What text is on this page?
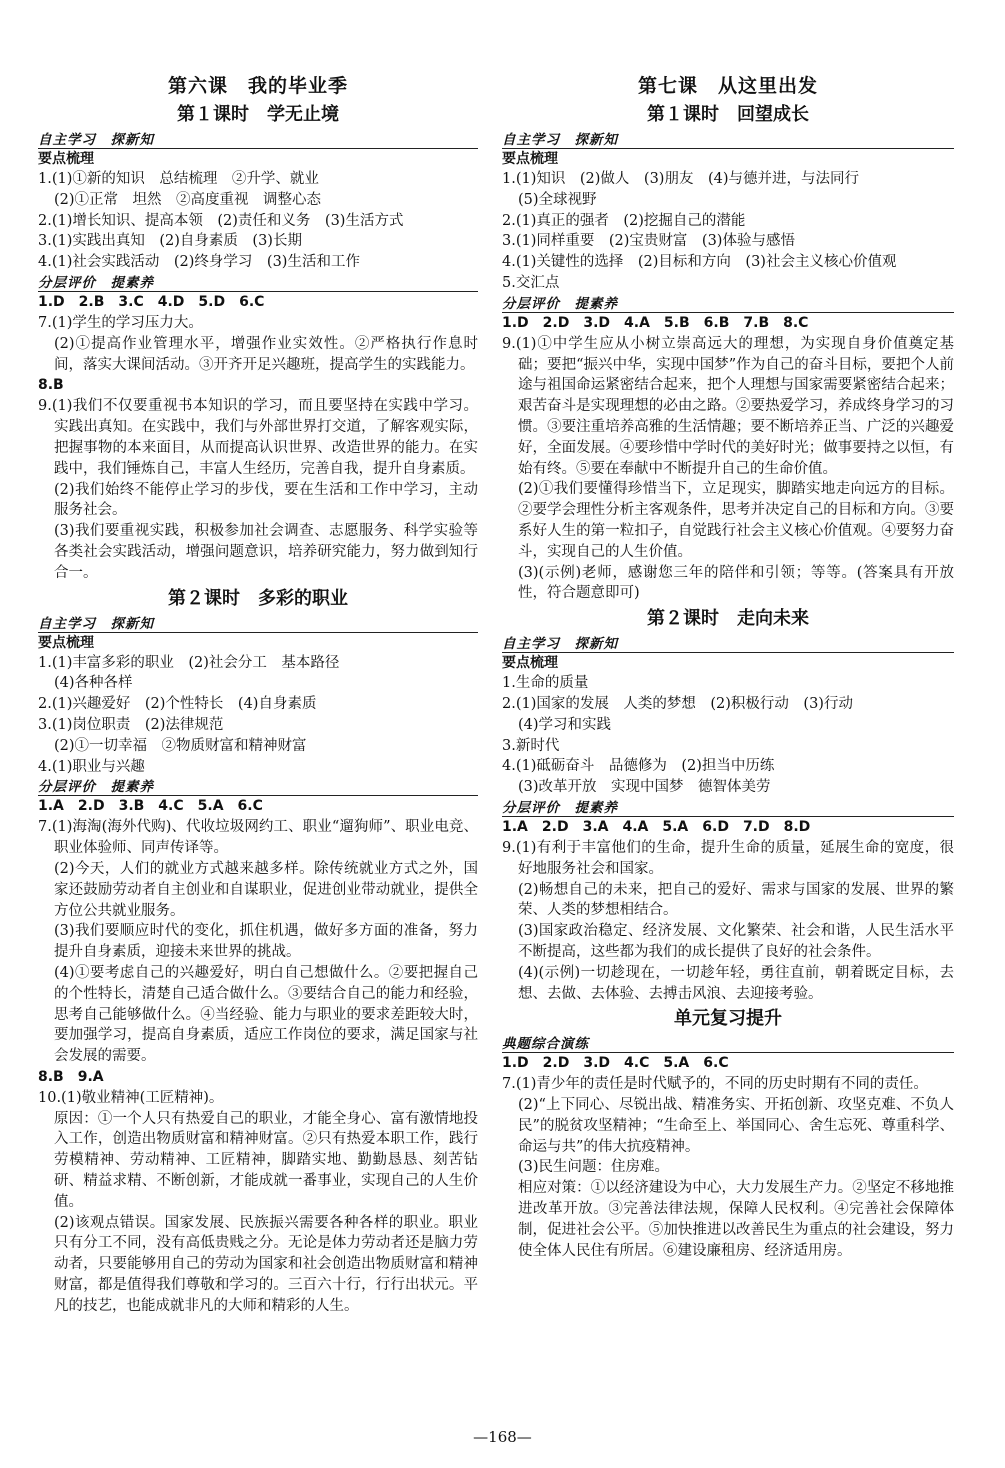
第六课　我的毕业季
第１课时　学无止境
自主学习　探新知
要点梳理

1.(1)①新的知识　总结梳理　②升学、就业

(2)①正常　坦然　②高度重视　调整心态

2.(1)增长知识、提高本领　(2)责任和义务　(3)生活方式

3.(1)实践出真知　(2)自身素质　(3)长期

4.(1)社会实践活动　(2)终身学习　(3)生活和工作

分层评价　提素养
1.D　2.B　3.C　4.D　5.D　6.C

7.(1)学生的学习压力大。

(2)①提高作业管理水平，增强作业实效性。②严格执行作息时间，落实大课间活动。③开齐开足兴趣班，提高学生的实践能力。

8.B

9.(1)我们不仅要重视书本知识的学习，而且要坚持在实践中学习。实践出真知。在实践中，我们与外部世界打交道，了解客观实际，把握事物的本来面目，从而提高认识世界、改造世界的能力。在实践中，我们锤炼自己，丰富人生经历，完善自我，提升自身素质。

(2)我们始终不能停止学习的步伐，要在生活和工作中学习，主动服务社会。

(3)我们要重视实践，积极参加社会调查、志愿服务、科学实验等各类社会实践活动，增强问题意识，培养研究能力，努力做到知行合一。

第２课时　多彩的职业
自主学习　探新知
要点梳理

1.(1)丰富多彩的职业　(2)社会分工　基本路径

(4)各种各样

2.(1)兴趣爱好　(2)个性特长　(4)自身素质

3.(1)岗位职责　(2)法律规范

(2)①一切幸福　②物质财富和精神财富

4.(1)职业与兴趣

分层评价　提素养
1.A　2.D　3.B　4.C　5.A　6.C

7.(1)海淘(海外代购)、代收垃圾网约工、职业“遛狗师”、职业电竞、职业体验师、同声传译等。

(2)今天，人们的就业方式越来越多样。除传统就业方式之外，国家还鼓励劳动者自主创业和自谋职业，促进创业带动就业，提供全方位公共就业服务。

(3)我们要顺应时代的变化，抓住机遇，做好多方面的准备，努力提升自身素质，迎接未来世界的挑战。

(4)①要考虑自己的兴趣爱好，明白自己想做什么。②要把握自己的个性特长，清楚自己适合做什么。③要结合自己的能力和经验，思考自己能够做什么。④当经验、能力与职业的要求差距较大时，要加强学习，提高自身素质，适应工作岗位的要求，满足国家与社会发展的需要。

8.B　9.A

10.(1)敬业精神(工匠精神)。

原因：①一个人只有热爱自己的职业，才能全身心、富有激情地投入工作，创造出物质财富和精神财富。②只有热爱本职工作，践行劳模精神、劳动精神、工匠精神，脚踏实地、勤勤恳恳、刻苦钻研、精益求精、不断创新，才能成就一番事业，实现自己的人生价值。

(2)该观点错误。国家发展、民族振兴需要各种各样的职业。职业只有分工不同，没有高低贵贱之分。无论是体力劳动者还是脑力劳动者，只要能够用自己的劳动为国家和社会创造出物质财富和精神财富，都是值得我们尊敬和学习的。三百六十行，行行出状元。平凡的技艺，也能成就非凡的大师和精彩的人生。

第七课　从这里出发
第１课时　回望成长
自主学习　探新知
要点梳理

1.(1)知识　(2)做人　(3)朋友　(4)与德并进，与法同行

(5)全球视野

2.(1)真正的强者　(2)挖掘自己的潜能

3.(1)同样重要　(2)宝贵财富　(3)体验与感悟

4.(1)关键性的选择　(2)目标和方向　(3)社会主义核心价值观

5.交汇点

分层评价　提素养
1.D　2.D　3.D　4.A　5.B　6.B　7.B　8.C

9.(1)①中学生应从小树立崇高远大的理想，为实现自身价值奠定基础；要把“振兴中华，实现中国梦”作为自己的奋斗目标，要把个人前途与祖国命运紧密结合起来，把个人理想与国家需要紧密结合起来；艰苦奋斗是实现理想的必由之路。②要热爱学习，养成终身学习的习惯。③要注重培养高雅的生活情趣；要不断培养正当、广泛的兴趣爱好，全面发展。④要珍惜中学时代的美好时光；做事要持之以恒，有始有终。⑤要在奉献中不断提升自己的生命价值。

(2)①我们要懂得珍惜当下，立足现实，脚踏实地走向远方的目标。②要学会理性分析主客观条件，思考并决定自己的目标和方向。③要系好人生的第一粒扣子，自觉践行社会主义核心价值观。④要努力奋斗，实现自己的人生价值。

(3)(示例)老师，感谢您三年的陪伴和引领；等等。(答案具有开放性，符合题意即可)

第２课时　走向未来
自主学习　探新知
要点梳理

1.生命的质量

2.(1)国家的发展　人类的梦想　(2)积极行动　(3)行动

(4)学习和实践

3.新时代

4.(1)砥砺奋斗　品德修为　(2)担当中历练

(3)改革开放　实现中国梦　德智体美劳

分层评价　提素养
1.A　2.D　3.A　4.A　5.A　6.D　7.D　8.D

9.(1)有利于丰富他们的生命，提升生命的质量，延展生命的宽度，很好地服务社会和国家。

(2)畅想自己的未来，把自己的爱好、需求与国家的发展、世界的繁荣、人类的梦想相结合。

(3)国家政治稳定、经济发展、文化繁荣、社会和谐，人民生活水平不断提高，这些都为我们的成长提供了良好的社会条件。

(4)(示例)一切趁现在，一切趁年轻，勇往直前，朝着既定目标，去想、去做、去体验、去搏击风浪、去迎接考验。

单元复习提升
典题综合演练
1.D　2.D　3.D　4.C　5.A　6.C

7.(1)青少年的责任是时代赋予的，不同的历史时期有不同的责任。

(2)“上下同心、尽锐出战、精准务实、开拓创新、攻坚克难、不负人民”的脱贫攻坚精神；“生命至上、举国同心、舍生忘死、尊重科学、命运与共”的伟大抗疫精神。

(3)民生问题：住房难。

相应对策：①以经济建设为中心，大力发展生产力。②坚定不移地推进改革开放。③完善法律法规，保障人民权利。④完善社会保障体制，促进社会公平。⑤加快推进以改善民生为重点的社会建设，努力使全体人民住有所居。⑥建设廉租房、经济适用房。

—168—
